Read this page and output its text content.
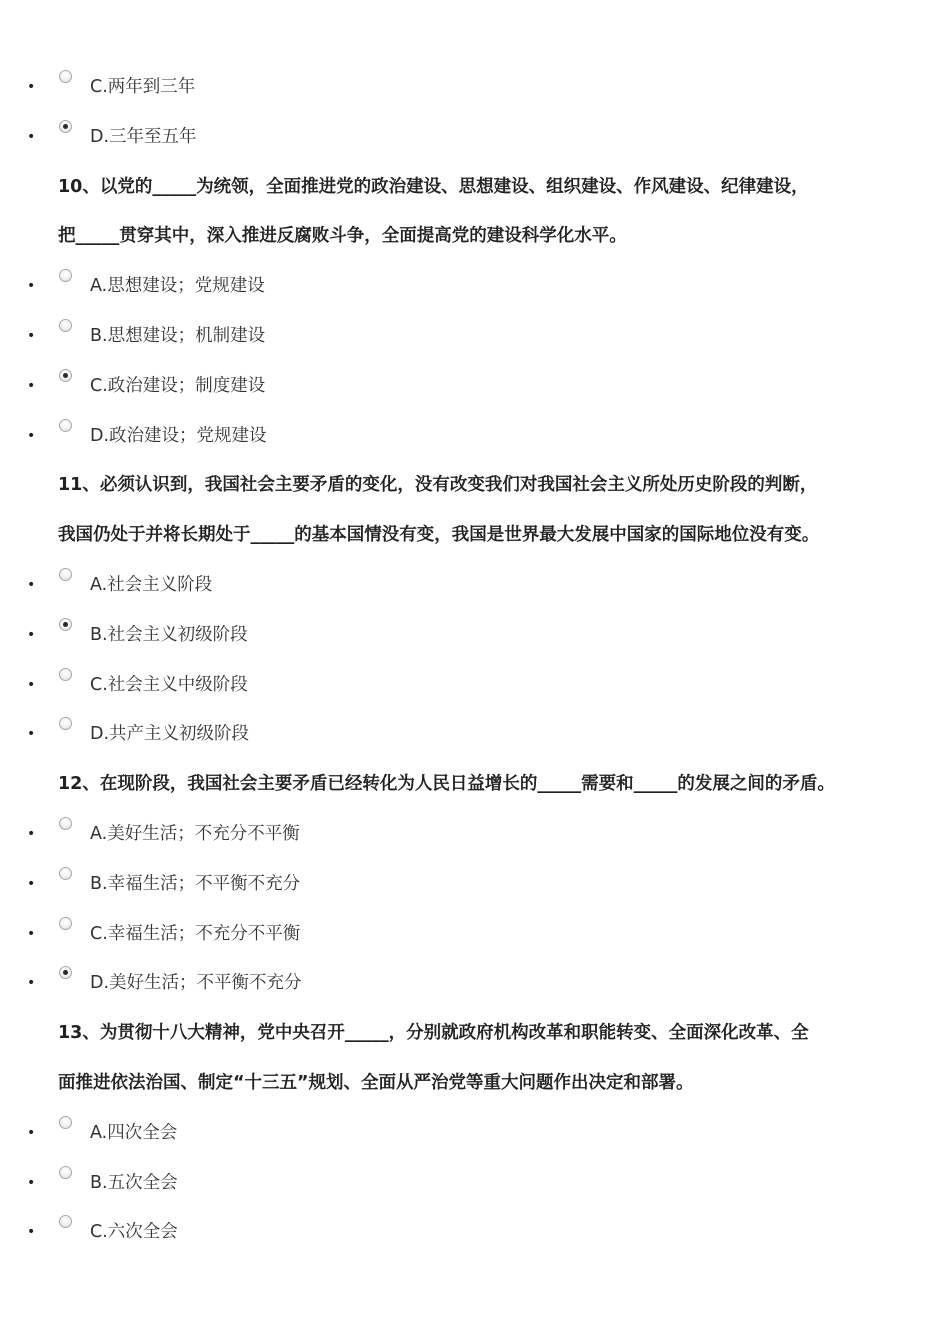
•	C.两年到三年
•	D.三年至五年
10、以党的_____为统领，全面推进党的政治建设、思想建设、组织建设、作风建设、纪律建设，
把_____贯穿其中，深入推进反腐败斗争，全面提高党的建设科学化水平。
•	A.思想建设；党规建设
•	B.思想建设；机制建设
•	C.政治建设；制度建设
•	D.政治建设；党规建设
11、必须认识到，我国社会主要矛盾的变化，没有改变我们对我国社会主义所处历史阶段的判断，
我国仍处于并将长期处于_____的基本国情没有变，我国是世界最大发展中国家的国际地位没有变。
•	A.社会主义阶段
•	B.社会主义初级阶段
•	C.社会主义中级阶段
•	D.共产主义初级阶段
12、在现阶段，我国社会主要矛盾已经转化为人民日益增长的_____需要和_____的发展之间的矛盾。
•	A.美好生活；不充分不平衡
•	B.幸福生活；不平衡不充分
•	C.幸福生活；不充分不平衡
•	D.美好生活；不平衡不充分
13、为贯彻十八大精神，党中央召开_____，分别就政府机构改革和职能转变、全面深化改革、全
面推进依法治国、制定“十三五”规划、全面从严治党等重大问题作出决定和部署。
•	A.四次全会
•	B.五次全会
•	C.六次全会
